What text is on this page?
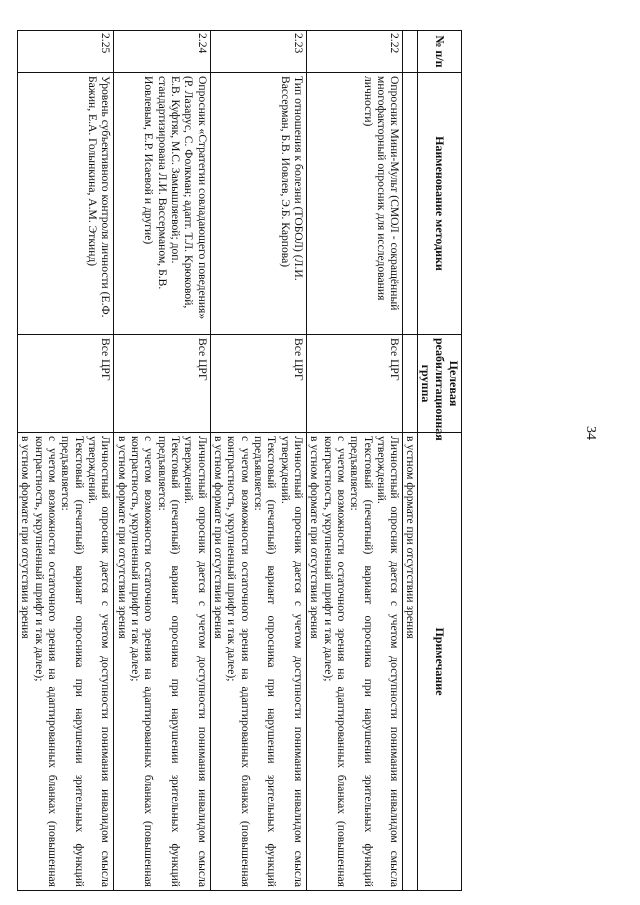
34
№ п/п	Наименование методики	Целевая реабилитационная группа	Примечание
			в устном формате при отсутствии зрения
2.22	Опросник Мини-Мульт (СМОЛ - сокращённый многофакторный опросник для исследования личности)	Все ЦРГ	Личностный опросник дается с учетом доступности понимания инвалидом смысла утверждений.
Текстовый (печатный) вариант опросника при нарушении зрительных функций предъявляется:
с учетом возможности остаточного зрения на адаптированных бланках (повышенная контрастность, укрупненный шрифт и так далее);
в устном формате при отсутствии зрения

2.23	Тип отношения к болезни (ТОБОЛ) (Л.И. Вассерман, Б.В. Иовлев, Э.Б. Карпова)	Все ЦРГ	Личностный опросник дается с учетом доступности понимания инвалидом смысла утверждений.
Текстовый (печатный) вариант опросника при нарушении зрительных функций предъявляется:
с учетом возможности остаточного зрения на адаптированных бланках (повышенная контрастность, укрупненный шрифт и так далее);
в устном формате при отсутствии зрения

2.24	Опросник «Стратегии совладающего поведения» (Р. Лазарус, С. Фолкман; адапт. Т.Л. Крюковой, Е.В. Куфтяк, М.С. Замышляевой; доп. стандартизирована Л.И. Вассерманом, Б.В. Иовлевым, Е.Р. Исаевой и другие)	Все ЦРГ	Личностный опросник дается с учетом доступности понимания инвалидом смысла утверждений.
Текстовый (печатный) вариант опросника при нарушении зрительных функций предъявляется:
с учетом возможности остаточного зрения на адаптированных бланках (повышенная контрастность, укрупненный шрифт и так далее);
в устном формате при отсутствии зрения

2.25	Уровень субъективного контроля личности (Е.Ф. Бажин, Е.А. Голынкина, А.М. Эткинд)	Все ЦРГ	Личностный опросник дается с учетом доступности понимания инвалидом смысла утверждений.
Текстовый (печатный) вариант опросника при нарушении зрительных функций предъявляется:
с учетом возможности остаточного зрения на адаптированных бланках (повышенная контрастность, укрупненный шрифт и так далее);
в устном формате при отсутствии зрения
